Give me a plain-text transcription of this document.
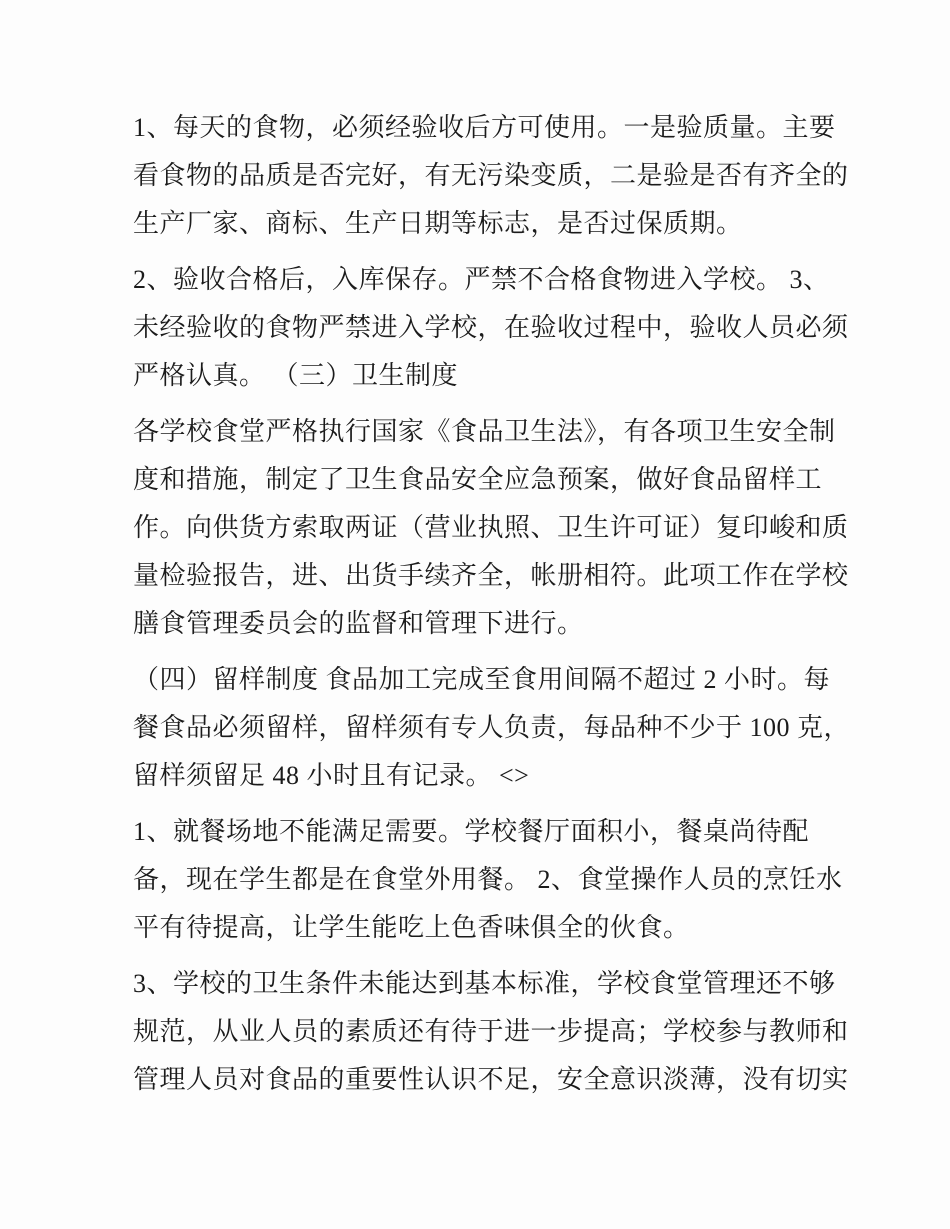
1、每天的食物，必须经验收后方可使用。一是验质量。主要
看食物的品质是否完好，有无污染变质，二是验是否有齐全的
生产厂家、商标、生产日期等标志，是否过保质期。
2、验收合格后，入库保存。严禁不合格食物进入学校。 3、
未经验收的食物严禁进入学校，在验收过程中，验收人员必须
严格认真。 （三）卫生制度
各学校食堂严格执行国家《食品卫生法》，有各项卫生安全制
度和措施，制定了卫生食品安全应急预案，做好食品留样工
作。向供货方索取两证（营业执照、卫生许可证）复印峻和质
量检验报告，进、出货手续齐全，帐册相符。此项工作在学校
膳食管理委员会的监督和管理下进行。
（四）留样制度 食品加工完成至食用间隔不超过 2 小时。每
餐食品必须留样，留样须有专人负责，每品种不少于 100 克，
留样须留足 48 小时且有记录。 <>
1、就餐场地不能满足需要。学校餐厅面积小，餐桌尚待配
备，现在学生都是在食堂外用餐。 2、食堂操作人员的烹饪水
平有待提高，让学生能吃上色香味俱全的伙食。
3、学校的卫生条件未能达到基本标准，学校食堂管理还不够
规范，从业人员的素质还有待于进一步提高；学校参与教师和
管理人员对食品的重要性认识不足，安全意识淡薄，没有切实
